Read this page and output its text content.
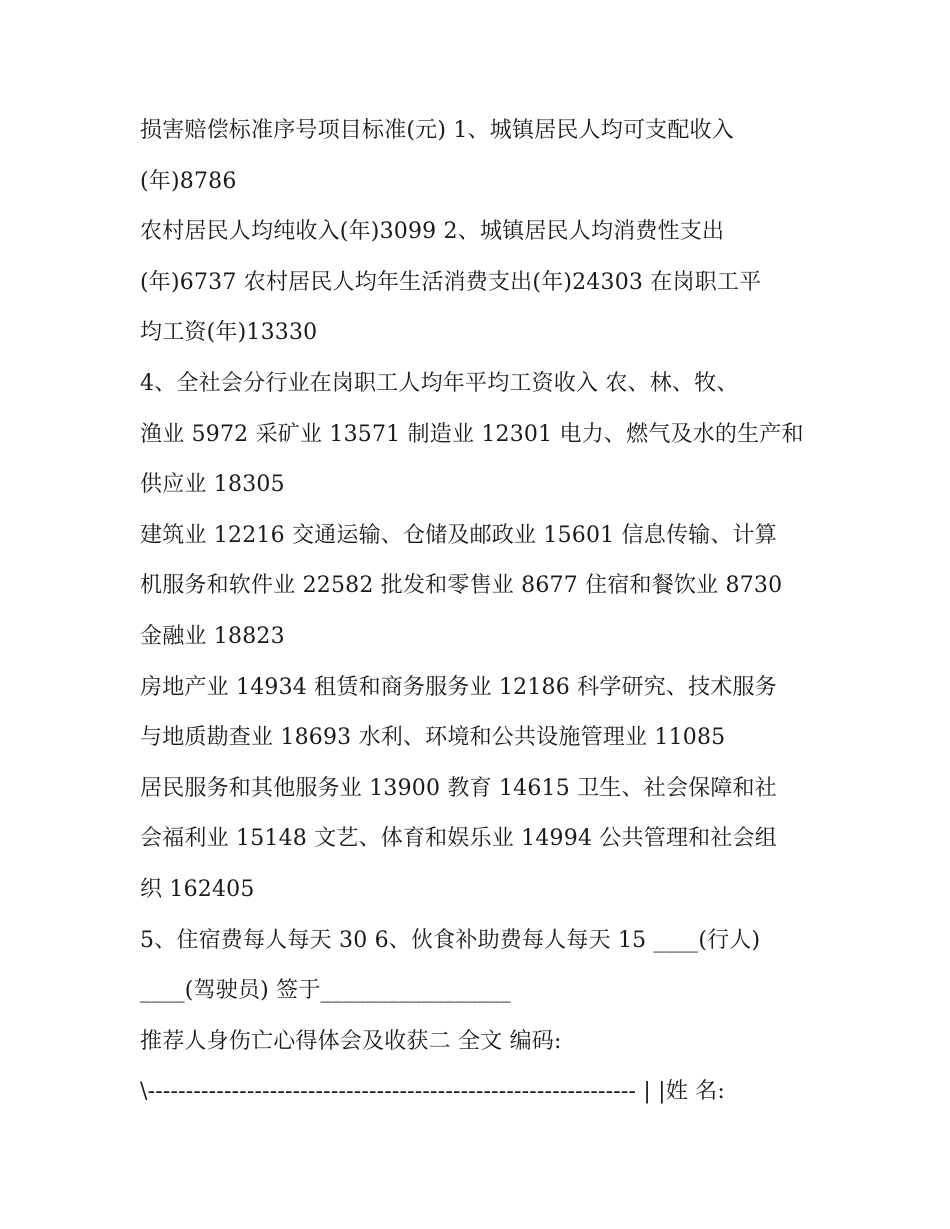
损害赔偿标准序号项目标准(元) 1、城镇居民人均可支配收入
(年)8786
农村居民人均纯收入(年)3099 2、城镇居民人均消费性支出
(年)6737 农村居民人均年生活消费支出(年)24303 在岗职工平
均工资(年)13330
4、全社会分行业在岗职工人均年平均工资收入 农、林、牧、
渔业 5972 采矿业 13571 制造业 12301 电力、燃气及水的生产和
供应业 18305
建筑业 12216 交通运输、仓储及邮政业 15601 信息传输、计算
机服务和软件业 22582 批发和零售业 8677 住宿和餐饮业 8730
金融业 18823
房地产业 14934 租赁和商务服务业 12186 科学研究、技术服务
与地质勘查业 18693 水利、环境和公共设施管理业 11085
居民服务和其他服务业 13900 教育 14615 卫生、社会保障和社
会福利业 15148 文艺、体育和娱乐业 14994 公共管理和社会组
织 162405
5、住宿费每人每天 30 6、伙食补助费每人每天 15 ____(行人)
____(驾驶员) 签于_________________
推荐人身伤亡心得体会及收获二 全文 编码:
\---------------------------------------------------------------- | |姓 名:
